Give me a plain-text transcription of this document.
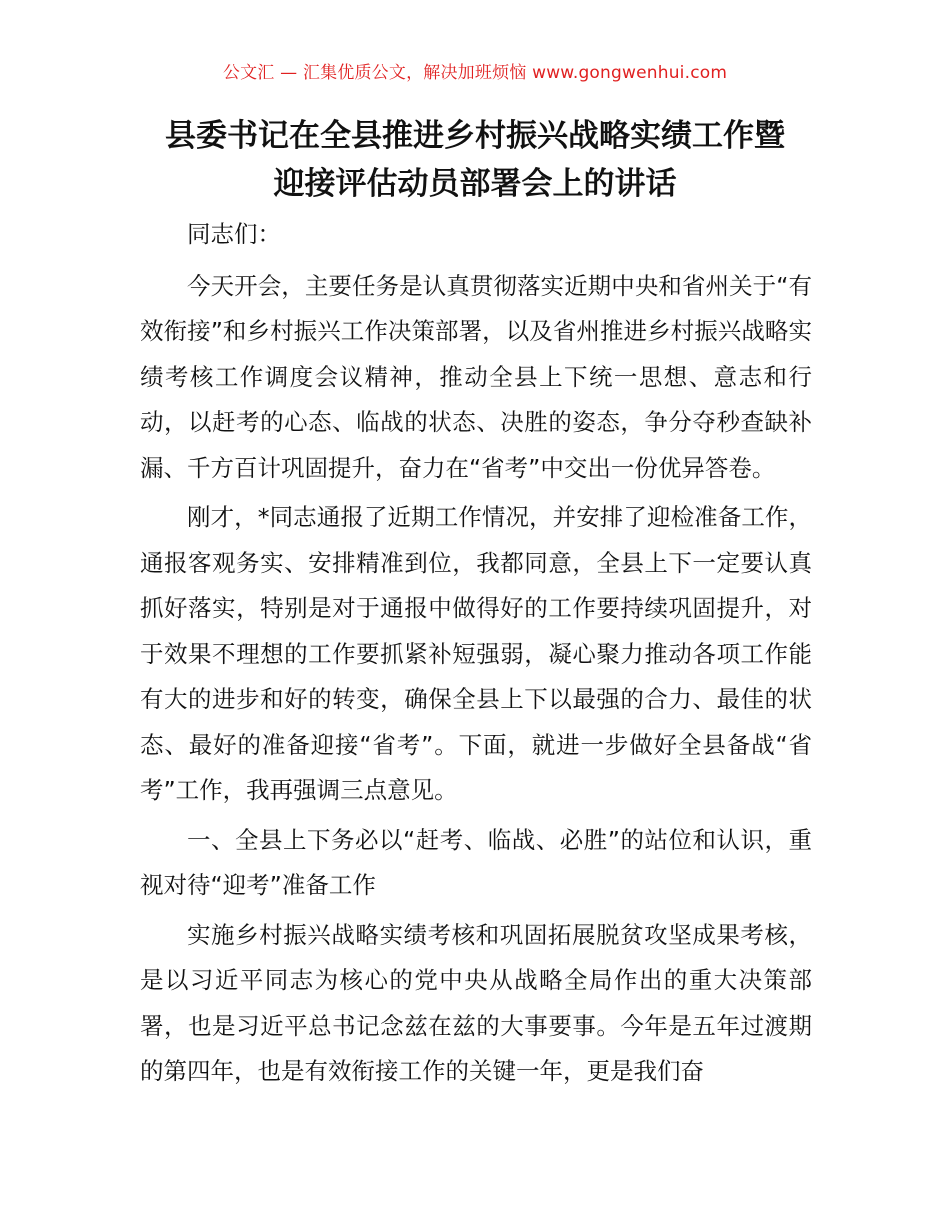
公文汇 — 汇集优质公文，解决加班烦恼 www.gongwenhui.com
县委书记在全县推进乡村振兴战略实绩工作暨
迎接评估动员部署会上的讲话

同志们：

今天开会，主要任务是认真贯彻落实近期中央和省州关于“有效衔接”和乡村振兴工作决策部署，以及省州推进乡村振兴战略实绩考核工作调度会议精神，推动全县上下统一思想、意志和行动，以赶考的心态、临战的状态、决胜的姿态，争分夺秒查缺补漏、千方百计巩固提升，奋力在“省考”中交出一份优异答卷。

刚才，*同志通报了近期工作情况，并安排了迎检准备工作，通报客观务实、安排精准到位，我都同意，全县上下一定要认真抓好落实，特别是对于通报中做得好的工作要持续巩固提升，对于效果不理想的工作要抓紧补短强弱，凝心聚力推动各项工作能有大的进步和好的转变，确保全县上下以最强的合力、最佳的状态、最好的准备迎接“省考”。下面，就进一步做好全县备战“省考”工作，我再强调三点意见。

一、全县上下务必以“赶考、临战、必胜”的站位和认识，重视对待“迎考”准备工作

实施乡村振兴战略实绩考核和巩固拓展脱贫攻坚成果考核，是以习近平同志为核心的党中央从战略全局作出的重大决策部署，也是习近平总书记念兹在兹的大事要事。今年是五年过渡期的第四年，也是有效衔接工作的关键一年，更是我们奋
